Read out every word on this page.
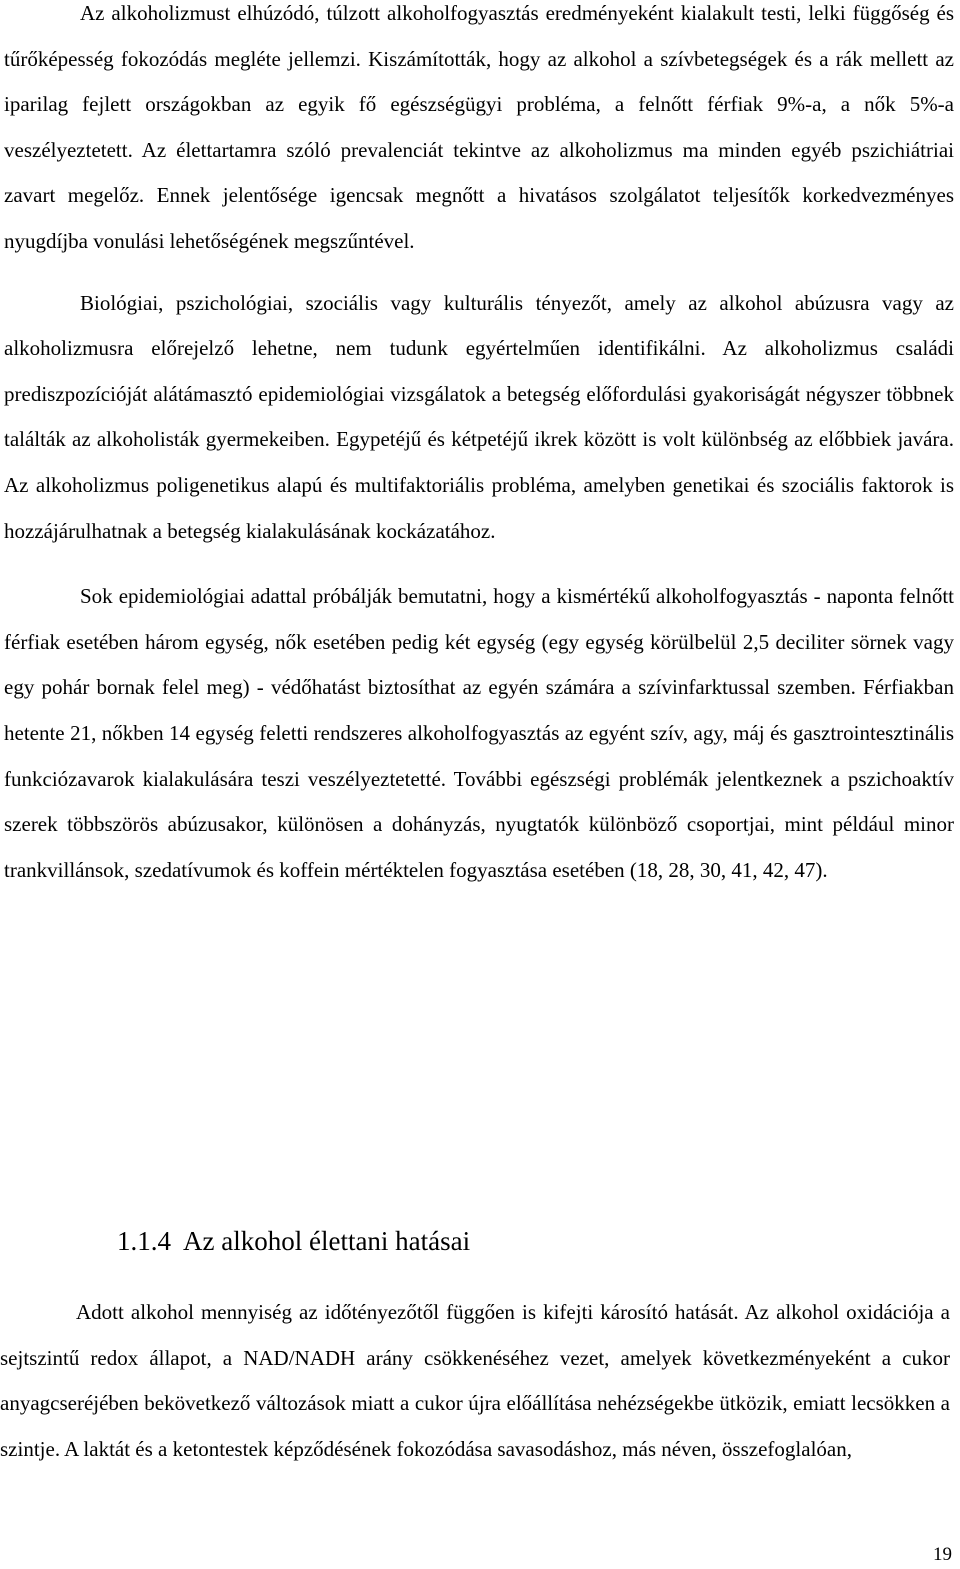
Az alkoholizmust elhúzódó, túlzott alkoholfogyasztás eredményeként kialakult testi, lelki függőség és tűrőképesség fokozódás megléte jellemzi. Kiszámították, hogy az alkohol a szívbetegségek és a rák mellett az iparilag fejlett országokban az egyik fő egészségügyi probléma, a felnőtt férfiak 9%-a, a nők 5%-a veszélyeztetett. Az élettartamra szóló prevalenciát tekintve az alkoholizmus ma minden egyéb pszichiátriai zavart megelőz. Ennek jelentősége igencsak megnőtt a hivatásos szolgálatot teljesítők korkedvezményes nyugdíjba vonulási lehetőségének megszűntével.

Biológiai, pszichológiai, szociális vagy kulturális tényezőt, amely az alkohol abúzusra vagy az alkoholizmusra előrejelző lehetne, nem tudunk egyértelműen identifikálni. Az alkoholizmus családi prediszpozícióját alátámasztó epidemiológiai vizsgálatok a betegség előfordulási gyakoriságát négyszer többnek találták az alkoholisták gyermekeiben. Egypetéjű és kétpetéjű ikrek között is volt különbség az előbbiek javára. Az alkoholizmus poligenetikus alapú és multifaktoriális probléma, amelyben genetikai és szociális faktorok is hozzájárulhatnak a betegség kialakulásának kockázatához.

Sok epidemiológiai adattal próbálják bemutatni, hogy a kismértékű alkoholfogyasztás - naponta felnőtt férfiak esetében három egység, nők esetében pedig két egység (egy egység körülbelül 2,5 deciliter sörnek vagy egy pohár bornak felel meg) - védőhatást biztosíthat az egyén számára a szívinfarktussal szemben. Férfiakban hetente 21, nőkben 14 egység feletti rendszeres alkoholfogyasztás az egyént szív, agy, máj és gasztrointesztinális funkciózavarok kialakulására teszi veszélyeztetetté. További egészségi problémák jelentkeznek a pszichoaktív szerek többszörös abúzusakor, különösen a dohányzás, nyugtatók különböző csoportjai, mint például minor trankvillánsok, szedatívumok és koffein mértéktelen fogyasztása esetében (18, 28, 30, 41, 42, 47).

1.1.4 Az alkohol élettani hatásai

Adott alkohol mennyiség az időtényezőtől függően is kifejti károsító hatását. Az alkohol oxidációja a sejtszintű redox állapot, a NAD/NADH arány csökkenéséhez vezet, amelyek következményeként a cukor anyagcseréjében bekövetkező változások miatt a cukor újra előállítása nehézségekbe ütközik, emiatt lecsökken a szintje. A laktát és a ketontestek képződésének fokozódása savasodáshoz, más néven, összefoglalóan,

19
